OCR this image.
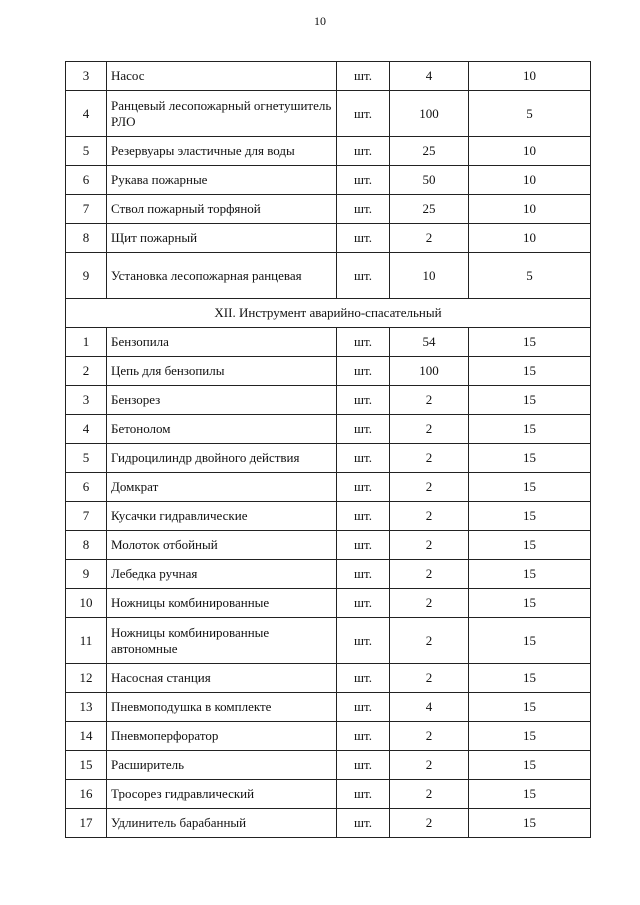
10
3	Насос	шт.	4	10
4	Ранцевый лесопожарный огнетушитель РЛО	шт.	100	5
5	Резервуары эластичные для воды	шт.	25	10
6	Рукава пожарные	шт.	50	10
7	Ствол пожарный торфяной	шт.	25	10
8	Щит пожарный	шт.	2	10
9	Установка лесопожарная ранцевая	шт.	10	5
XII. Инструмент аварийно-спасательный				
1	Бензопила	шт.	54	15
2	Цепь для бензопилы	шт.	100	15
3	Бензорез	шт.	2	15
4	Бетонолом	шт.	2	15
5	Гидроцилиндр двойного действия	шт.	2	15
6	Домкрат	шт.	2	15
7	Кусачки гидравлические	шт.	2	15
8	Молоток отбойный	шт.	2	15
9	Лебедка ручная	шт.	2	15
10	Ножницы комбинированные	шт.	2	15
11	Ножницы комбинированные автономные	шт.	2	15
12	Насосная станция	шт.	2	15
13	Пневмоподушка в комплекте	шт.	4	15
14	Пневмоперфоратор	шт.	2	15
15	Расширитель	шт.	2	15
16	Тросорез гидравлический	шт.	2	15
17	Удлинитель барабанный	шт.	2	15
